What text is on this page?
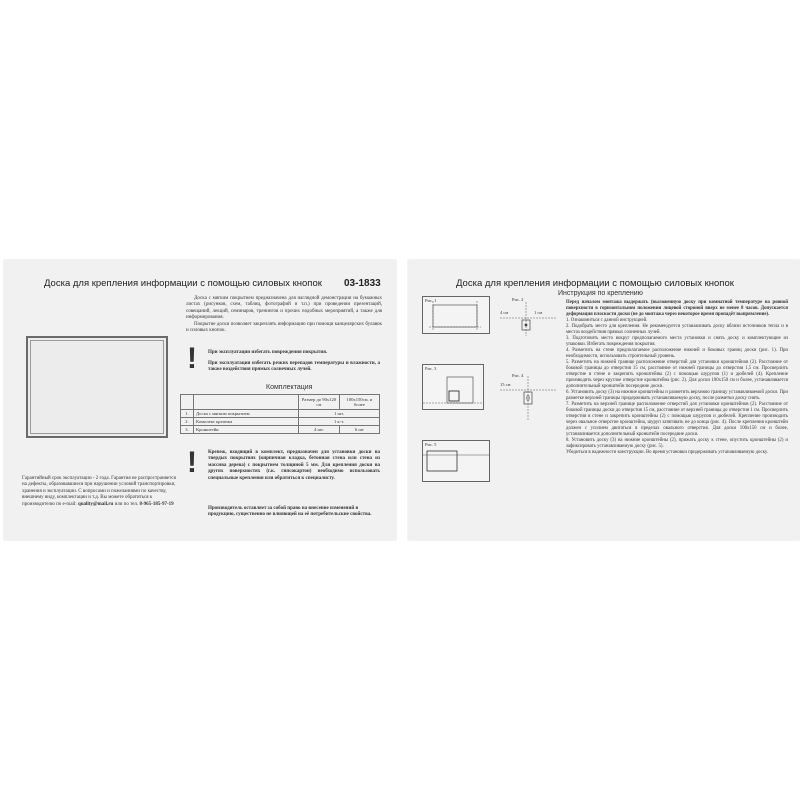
Доска для крепления информации с помощью силовых кнопок 03-1833

Доска с мягким покрытием предназначена для наглядной демонстрации на бумажных листах (рисунков, схем, таблиц, фотографий и т.п.) при проведении презентаций, совещаний, лекций, семинаров, тренингов и прочих подобных мероприятий, а также для информирования.

Покрытие доски позволяет закреплять информацию при помощи канцелярских булавок и силовых кнопок.

! При эксплуатации избегать повреждения покрытия.
При эксплуатации избегать резких перепадов температуры и влажности, а также воздействия прямых солнечных лучей.
Комплектация
		Размер до 90х120 см	100х150см, и более
1.	Доска с мягким покрытием	1 шт.	
2.	Комплект крепежа	1 к-т.	
3.	Кронштейн	4 шт.	6 шт
! Крепеж, входящий в комплект, предназначен для установки доски на твердых покрытиях (кирпичная кладка, бетонная стена или стена из массива дерева) с покрытием толщиной 5 мм. Для крепления доски на других поверхностях (г.к. гипсокартон) необходимо использовать специальные крепления или обратиться к специалисту.
Производитель оставляет за собой право на внесение изменений в продукцию, существенно не влияющей на её потребительские свойства.
Гарантийный срок эксплуатации - 2 года. Гарантия не распространяется на дефекты, образовавшиеся при нарушении условий транспортировки, хранения и эксплуатации. С вопросами и пожеланиями по качеству, внешнему виду, комплектации и т.д. Вы можете обратиться к производителю по e-mail: quality@mail.ru или по тел. 8-965-185-97-19
Доска для крепления информации с помощью силовых кнопок
Инструкция по креплению
Рис. 1	Рис. 2
4 см	1 см
Рис. 3
Рис. 4
15 см
Рис. 5

Перед началом монтажа выдержать (выложенную доску при комнатной температуре на ровной поверхности в горизонтальном положении лицевой стороной вверх не менее 8 часов. Допускается деформация плоскости доски (не до монтажа через некоторое время пропадёт выпрямление).

1. Ознакомиться с данной инструкцией.

2. Подобрать место для крепления. Не рекомендуется устанавливать доску вблизи источников тепла и в местах воздействия прямых солнечных лучей.

3. Подготовить место вокруг предполагаемого места установки и снять доску и комплектующие из упаковки. Избегать повреждения покрытия.

4. Разметить на стене предполагаемое расположение нижней и боковых границ доски (рис. 1). При необходимости, использовать строительный уровень.

5. Разметить на нижней границе расположение отверстий для установки кронштейнов (2). Расстояние от боковой границы до отверстия 15 см, расстояние от нижней границы до отверстия 1,5 см. Просверлить отверстие в стене и закрепить кронштейны (2) с помощью шурупов (1) и дюбелей (4). Крепление производить через круглое отверстие кронштейна (рис. 2). Для доски 100х150 см и более, устанавливается дополнительный кронштейн посередине доски.

6. Установить доску (3) на нижние кронштейны и разметить верхнюю границу устанавливаемой доски. При разметке верхней границы придерживать устанавливаемую доску, после разметки доску снять.

7. Разметить на верхней границе расположение отверстий для установки кронштейнов (2). Расстояние от боковой границы доски до отверстия 15 см, расстояние от верхней границы до отверстия 1 см. Просверлить отверстия в стене и закрепить кронштейны (2) с помощью шурупов и дюбелей. Крепление производить через овальное отверстие кронштейна, шуруп затягивать не до конца (рис. 4). После крепления кронштейн должен с усилием двигаться в пределах овального отверстия. Для доски 100х150 см и более, устанавливается дополнительный кронштейн посередине доски.

8. Установить доску (3) на нижние кронштейны (2), прижать доску к стене, опустить кронштейны (2) и зафиксировать устанавливаемую доску (рис. 5).

Убедиться в надежности конструкции. Во время установки придерживать устанавливаемую доску.
